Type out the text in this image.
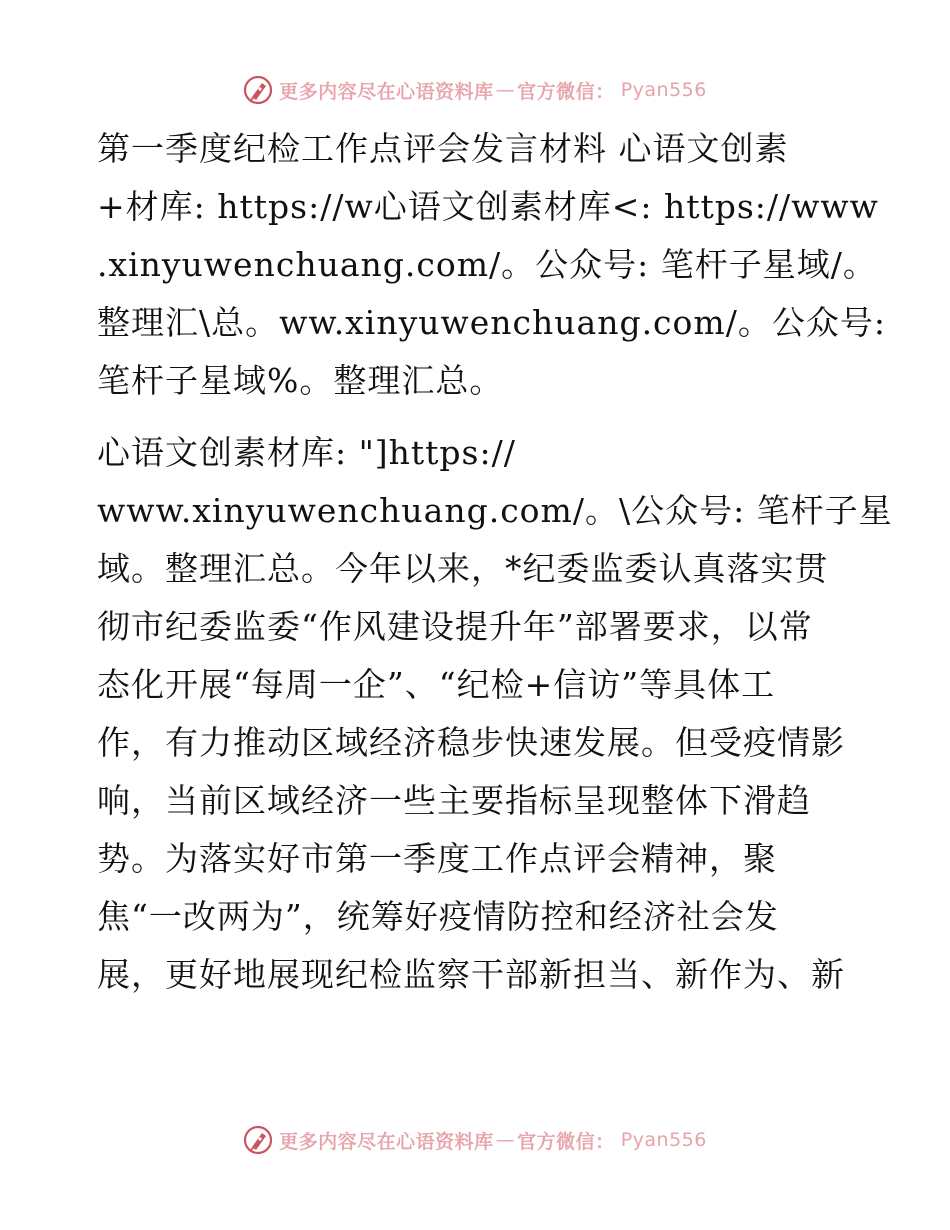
更多内容尽在心语资料库 — 官方微信： Pyan556
第一季度纪检工作点评会发言材料 心语文创素
+材库: https://w心语文创素材库<: https://www
.xinyuwenchuang.com/。公众号: 笔杆子星域/。
整理汇\总。ww.xinyuwenchuang.com/。公众号:
笔杆子星域%。整理汇总。
心语文创素材库: "]https://
www.xinyuwenchuang.com/。\公众号: 笔杆子星
域。整理汇总。今年以来，*纪委监委认真落实贯
彻市纪委监委“作风建设提升年”部署要求，以常
态化开展“每周一企”、“纪检+信访”等具体工
作，有力推动区域经济稳步快速发展。但受疫情影
响，当前区域经济一些主要指标呈现整体下滑趋
势。为落实好市第一季度工作点评会精神，聚
焦“一改两为”，统筹好疫情防控和经济社会发
展，更好地展现纪检监察干部新担当、新作为、新
更多内容尽在心语资料库 — 官方微信： Pyan556
